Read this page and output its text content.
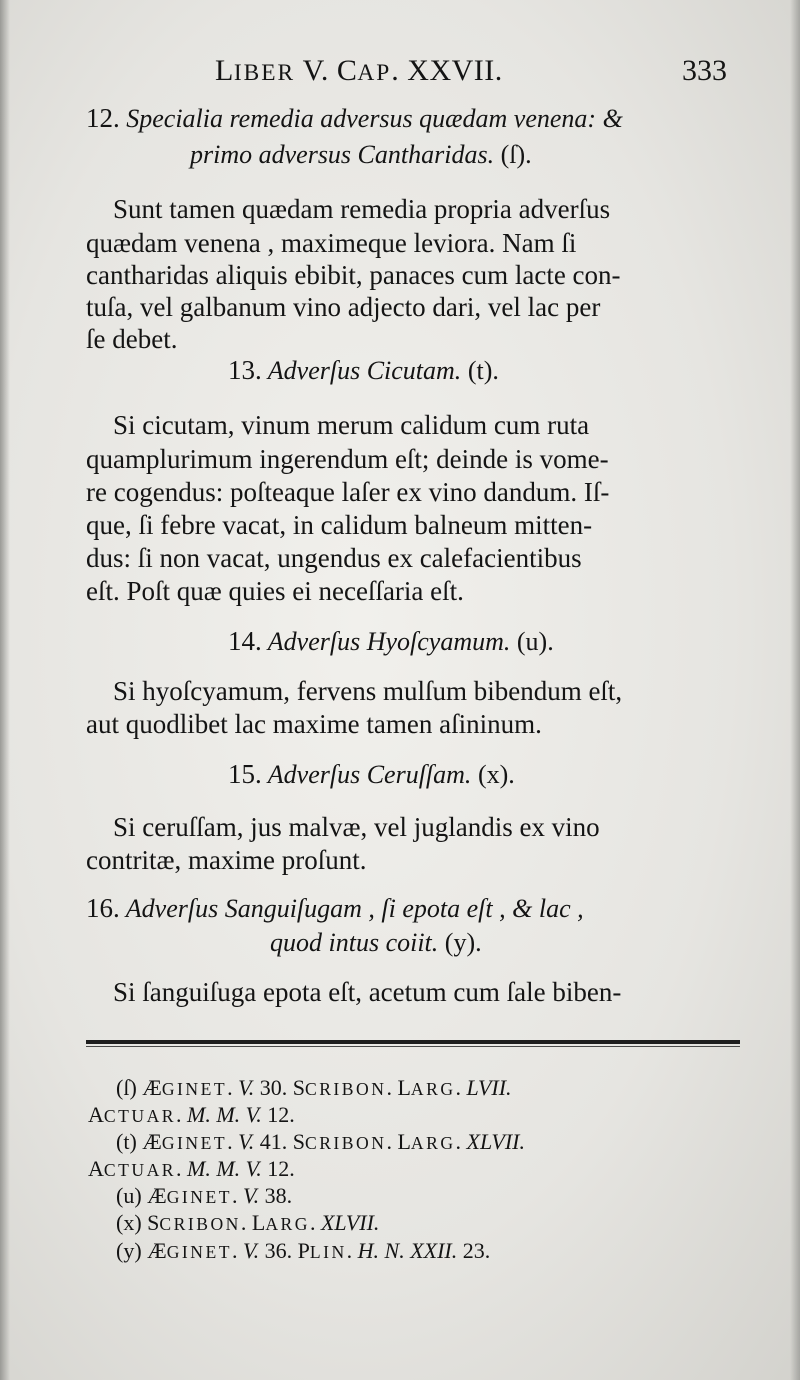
LIBER V. CAP. XXVII.	333
12. Specialia remedia adversus quædam venena: &
primo adversus Cantharidas. (ſ).
Sunt tamen quædam remedia propria adverſus
quædam venena , maximeque leviora. Nam ſi
cantharidas aliquis ebibit, panaces cum lacte con-
tuſa, vel galbanum vino adjecto dari, vel lac per
ſe debet.
13. Adverſus Cicutam. (t).
Si cicutam, vinum merum calidum cum ruta
quamplurimum ingerendum eſt; deinde is vome-
re cogendus: poſteaque laſer ex vino dandum. Iſ-
que, ſi febre vacat, in calidum balneum mitten-
dus: ſi non vacat, ungendus ex calefacientibus
eſt. Poſt quæ quies ei neceſſaria eſt.
14. Adverſus Hyoſcyamum. (u).
Si hyoſcyamum, fervens mulſum bibendum eſt,
aut quodlibet lac maxime tamen aſininum.
15. Adverſus Ceruſſam. (x).
Si ceruſſam, jus malvæ, vel juglandis ex vino
contritæ, maxime proſunt.
16. Adverſus Sanguiſugam , ſi epota eſt , & lac ,
quod intus coiit. (y).
Si ſanguiſuga epota eſt, acetum cum ſale biben-
(ſ) ÆGINET. V. 30. SCRIBON. LARG. LVII.
ACTUAR. M. M. V. 12.
(t) ÆGINET. V. 41. SCRIBON. LARG. XLVII.
ACTUAR. M. M. V. 12.
(u) ÆGINET. V. 38.
(x) SCRIBON. LARG. XLVII.
(y) ÆGINET. V. 36. PLIN. H. N. XXII. 23.
